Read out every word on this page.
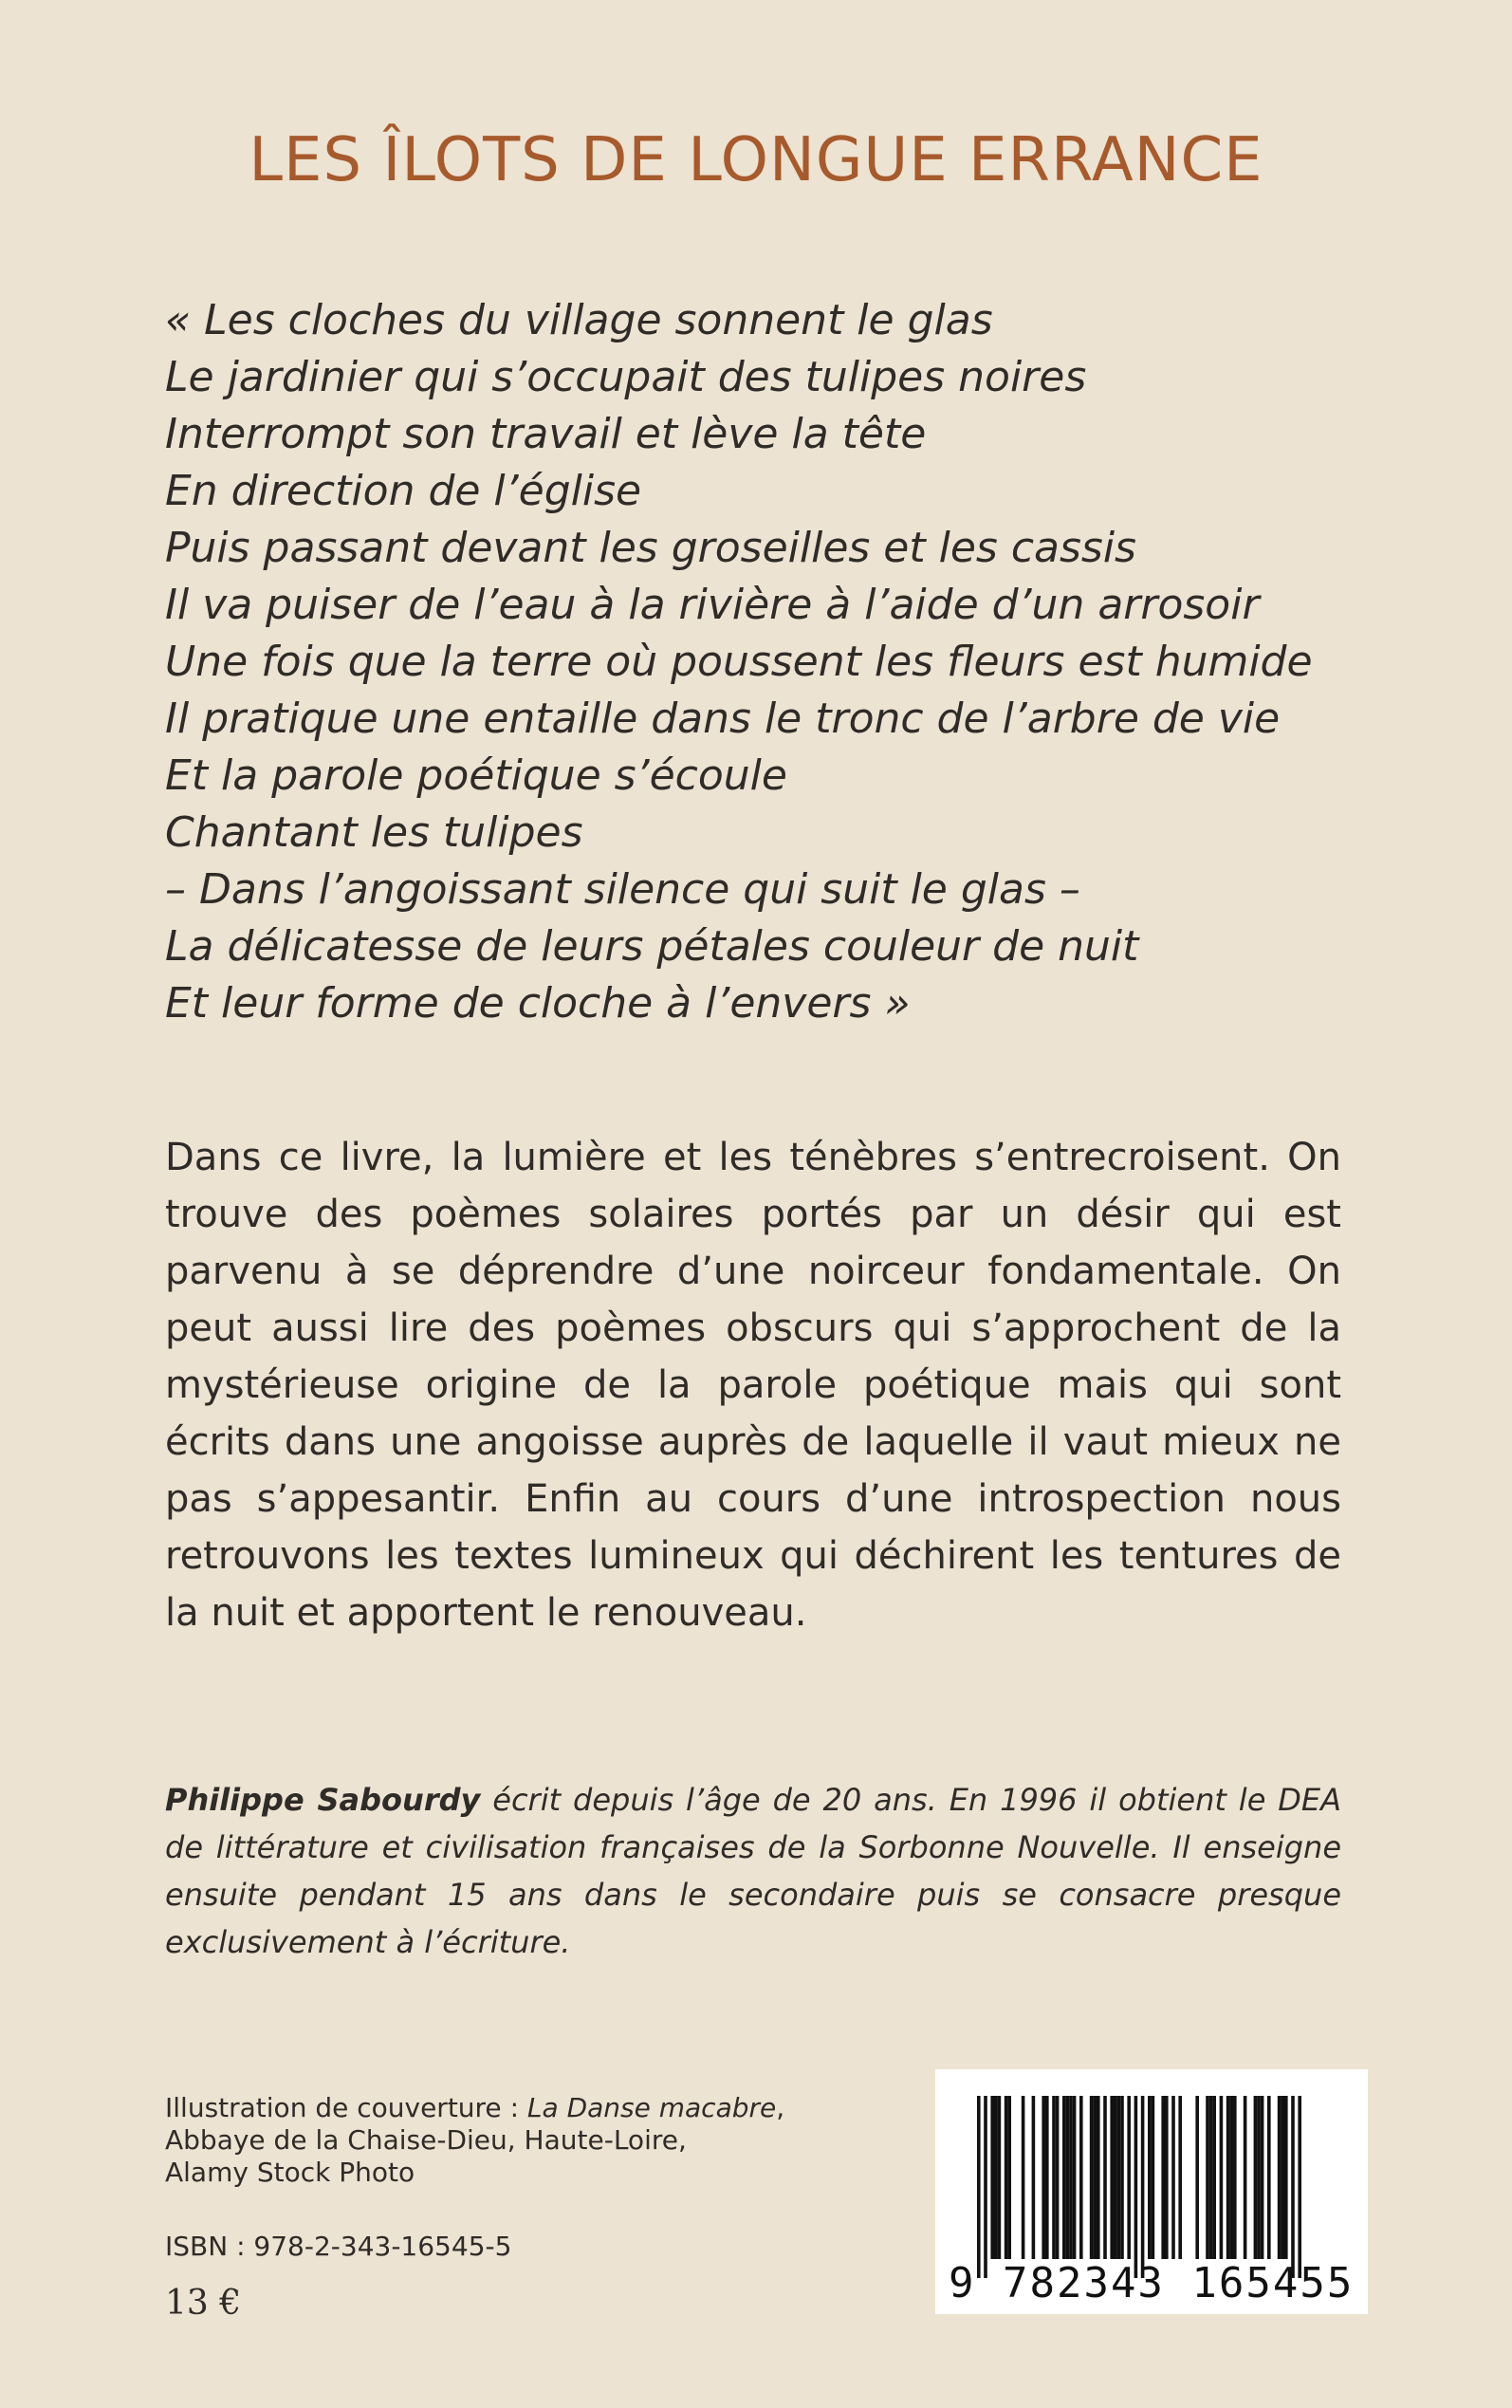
LES ÎLOTS DE LONGUE ERRANCE
« Les cloches du village sonnent le glas
Le jardinier qui s’occupait des tulipes noires
Interrompt son travail et lève la tête
En direction de l’église
Puis passant devant les groseilles et les cassis
Il va puiser de l’eau à la rivière à l’aide d’un arrosoir
Une fois que la terre où poussent les fleurs est humide
Il pratique une entaille dans le tronc de l’arbre de vie
Et la parole poétique s’écoule
Chantant les tulipes
– Dans l’angoissant silence qui suit le glas –
La délicatesse de leurs pétales couleur de nuit
Et leur forme de cloche à l’envers »

Dans ce livre, la lumière et les ténèbres s’entrecroisent. On trouve des poèmes solaires portés par un désir qui est parvenu à se déprendre d’une noirceur fondamentale. On peut aussi lire des poèmes obscurs qui s’approchent de la mystérieuse origine de la parole poétique mais qui sont écrits dans une angoisse auprès de laquelle il vaut mieux ne pas s’appesantir. Enfin au cours d’une introspection nous retrouvons les textes lumineux qui déchirent les tentures de la nuit et apportent le renouveau.

Philippe Sabourdy écrit depuis l’âge de 20 ans. En 1996 il obtient le DEA de littérature et civilisation françaises de la Sorbonne Nouvelle. Il enseigne ensuite pendant 15 ans dans le secondaire puis se consacre presque exclusivement à l’écriture.

Illustration de couverture : La Danse macabre,
Abbaye de la Chaise-Dieu, Haute-Loire,
Alamy Stock Photo
ISBN : 978-2-343-16545-5
13 €	9 782343 165455
